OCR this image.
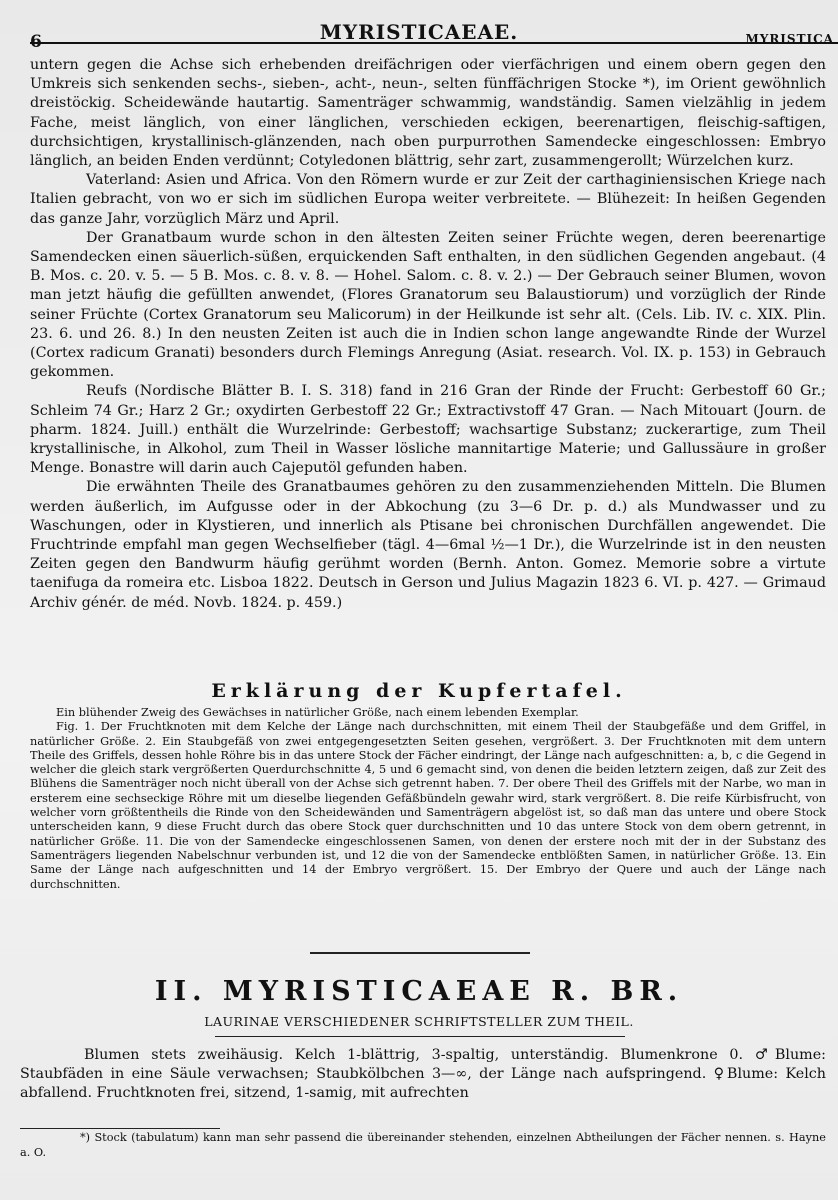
6	MYRISTICAEAE.	MYRISTICA

untern gegen die Achse sich erhebenden dreifächrigen oder vierfächrigen und einem obern gegen den Umkreis sich senkenden sechs-, sieben-, acht-, neun-, selten fünffächrigen Stocke *), im Orient gewöhnlich dreistöckig. Scheidewände hautartig. Samenträger schwammig, wandständig. Samen vielzählig in jedem Fache, meist länglich, von einer länglichen, verschieden eckigen, beerenartigen, fleischig-saftigen, durchsichtigen, krystallinisch-glänzenden, nach oben purpurrothen Samendecke eingeschlossen: Embryo länglich, an beiden Enden verdünnt; Cotyledonen blättrig, sehr zart, zusammengerollt; Würzelchen kurz.

Vaterland: Asien und Africa. Von den Römern wurde er zur Zeit der carthaginiensischen Kriege nach Italien gebracht, von wo er sich im südlichen Europa weiter verbreitete. — Blühezeit: In heißen Gegenden das ganze Jahr, vorzüglich März und April.

Der Granatbaum wurde schon in den ältesten Zeiten seiner Früchte wegen, deren beerenartige Samendecken einen säuerlich-süßen, erquickenden Saft enthalten, in den südlichen Gegenden angebaut. (4 B. Mos. c. 20. v. 5. — 5 B. Mos. c. 8. v. 8. — Hohel. Salom. c. 8. v. 2.) — Der Gebrauch seiner Blumen, wovon man jetzt häufig die gefüllten anwendet, (Flores Granatorum seu Balaustiorum) und vorzüglich der Rinde seiner Früchte (Cortex Granatorum seu Malicorum) in der Heilkunde ist sehr alt. (Cels. Lib. IV. c. XIX. Plin. 23. 6. und 26. 8.) In den neusten Zeiten ist auch die in Indien schon lange angewandte Rinde der Wurzel (Cortex radicum Granati) besonders durch Flemings Anregung (Asiat. research. Vol. IX. p. 153) in Gebrauch gekommen.

Reufs (Nordische Blätter B. I. S. 318) fand in 216 Gran der Rinde der Frucht: Gerbestoff 60 Gr.; Schleim 74 Gr.; Harz 2 Gr.; oxydirten Gerbestoff 22 Gr.; Extractivstoff 47 Gran. — Nach Mitouart (Journ. de pharm. 1824. Juill.) enthält die Wurzelrinde: Gerbestoff; wachsartige Substanz; zuckerartige, zum Theil krystallinische, in Alkohol, zum Theil in Wasser lösliche mannitartige Materie; und Gallussäure in großer Menge. Bonastre will darin auch Cajeputöl gefunden haben.

Die erwähnten Theile des Granatbaumes gehören zu den zusammenziehenden Mitteln. Die Blumen werden äußerlich, im Aufgusse oder in der Abkochung (zu 3—6 Dr. p. d.) als Mundwasser und zu Waschungen, oder in Klystieren, und innerlich als Ptisane bei chronischen Durchfällen angewendet. Die Fruchtrinde empfahl man gegen Wechselfieber (tägl. 4—6mal ½—1 Dr.), die Wurzelrinde ist in den neusten Zeiten gegen den Bandwurm häufig gerühmt worden (Bernh. Anton. Gomez. Memorie sobre a virtute taenifuga da romeira etc. Lisboa 1822. Deutsch in Gerson und Julius Magazin 1823 6. VI. p. 427. — Grimaud Archiv génér. de méd. Novb. 1824. p. 459.)

Erklärung der Kupfertafel.

Ein blühender Zweig des Gewächses in natürlicher Größe, nach einem lebenden Exemplar.

Fig. 1. Der Fruchtknoten mit dem Kelche der Länge nach durchschnitten, mit einem Theil der Staubgefäße und dem Griffel, in natürlicher Größe. 2. Ein Staubgefäß von zwei entgegengesetzten Seiten gesehen, vergrößert. 3. Der Fruchtknoten mit dem untern Theile des Griffels, dessen hohle Röhre bis in das untere Stock der Fächer eindringt, der Länge nach aufgeschnitten: a, b, c die Gegend in welcher die gleich stark vergrößerten Querdurchschnitte 4, 5 und 6 gemacht sind, von denen die beiden letztern zeigen, daß zur Zeit des Blühens die Samenträger noch nicht überall von der Achse sich getrennt haben. 7. Der obere Theil des Griffels mit der Narbe, wo man in ersterem eine sechseckige Röhre mit um dieselbe liegenden Gefäßbündeln gewahr wird, stark vergrößert. 8. Die reife Kürbisfrucht, von welcher vorn größtentheils die Rinde von den Scheidewänden und Samenträgern abgelöst ist, so daß man das untere und obere Stock unterscheiden kann, 9 diese Frucht durch das obere Stock quer durchschnitten und 10 das untere Stock von dem obern getrennt, in natürlicher Größe. 11. Die von der Samendecke eingeschlossenen Samen, von denen der erstere noch mit der in der Substanz des Samenträgers liegenden Nabelschnur verbunden ist, und 12 die von der Samendecke entblößten Samen, in natürlicher Größe. 13. Ein Same der Länge nach aufgeschnitten und 14 der Embryo vergrößert. 15. Der Embryo der Quere und auch der Länge nach durchschnitten.

II. MYRISTICAEAE R. BR.
LAURINAE VERSCHIEDENER SCHRIFTSTELLER ZUM THEIL.

Blumen stets zweihäusig. Kelch 1-blättrig, 3-spaltig, unterständig. Blumenkrone 0. ♂Blume: Staubfäden in eine Säule verwachsen; Staubkölbchen 3—∞, der Länge nach aufspringend. ♀Blume: Kelch abfallend. Fruchtknoten frei, sitzend, 1-samig, mit aufrechten

*) Stock (tabulatum) kann man sehr passend die übereinander stehenden, einzelnen Abtheilungen der Fächer nennen. s. Hayne a. O.
